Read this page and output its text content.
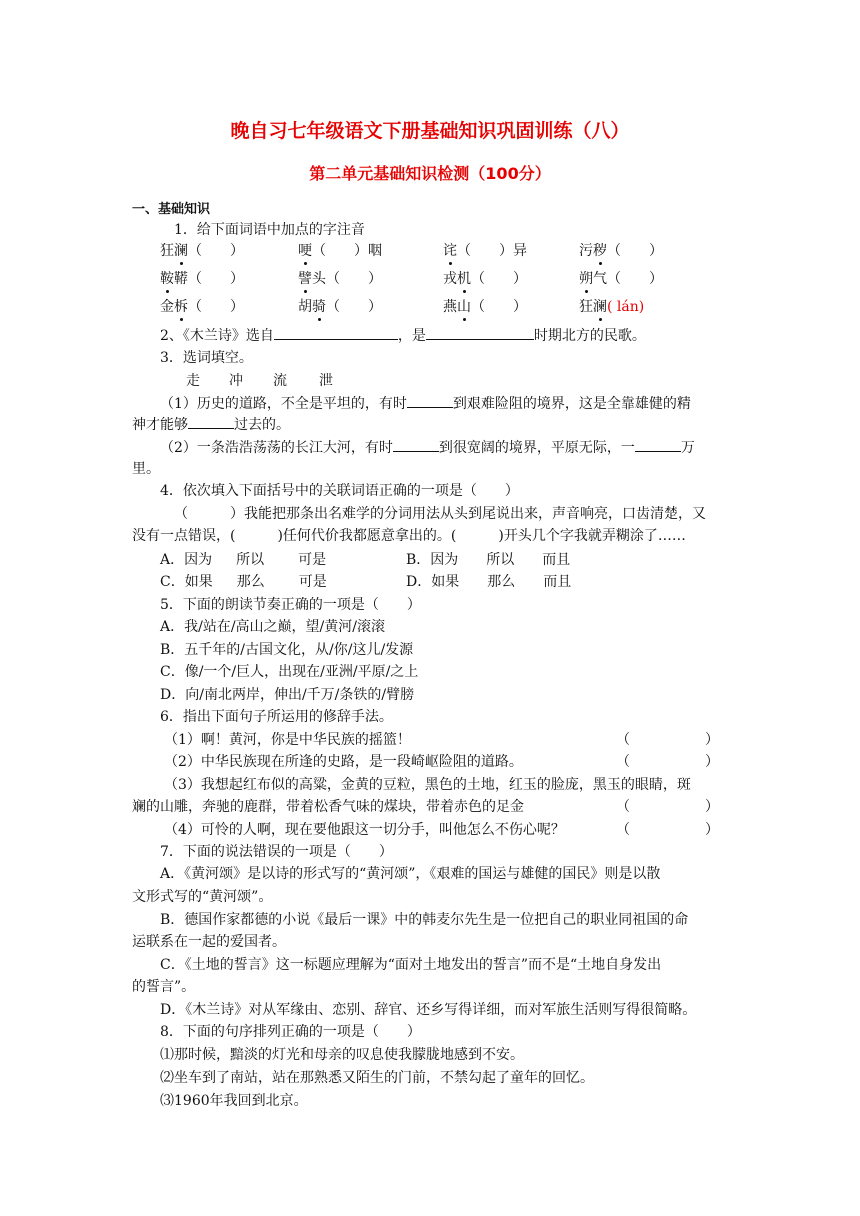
晚自习七年级语文下册基础知识巩固训练（八）
第二单元基础知识检测（100分）
一、基础知识
1．给下面词语中加点的字注音
狂澜（　　）	哽（　　）咽	诧（　　）异	污秽（　　）
鞍鞯（　　）	譬头（　　）	戎机（　　）	朔气（　　）
金柝（　　）	胡骑（　　）	燕山（　　）	狂澜( lán)
2、《木兰诗》选自	，是	时期北方的民歌。
3．选词填空。
走 冲 流 泄
（1）历史的道路，不全是平坦的，有时	到艰难险阻的境界，这是全靠雄健的精
神才能够	过去的。
（2）一条浩浩荡荡的长江大河，有时	到很宽阔的境界，平原无际，一	万
里。
4．依次填入下面括号中的关联词语正确的一项是（　　）
（　　　）我能把那条出名难学的分词用法从头到尾说出来，声音响亮，口齿清楚，又
没有一点错误，(　　　)任何代价我都愿意拿出的。(　　　)开头几个字我就弄糊涂了……
A．因为 所以 可是	B．因为 所以 而且
C．如果 那么 可是	D．如果 那么 而且
5．下面的朗读节奏正确的一项是（　　）
A．我/站在/高山之巅，望/黄河/滚滚
B．五千年的/古国文化，从/你/这儿/发源
C．像/一个/巨人，出现在/亚洲/平原/之上
D．向/南北两岸，伸出/千万/条铁的/臂膀
6．指出下面句子所运用的修辞手法。
（1）啊！黄河，你是中华民族的摇篮！	（	）
（2）中华民族现在所逢的史路，是一段崎岖险阻的道路。	（	）
（3）我想起红布似的高粱，金黄的豆粒，黑色的土地，红玉的脸庞，黑玉的眼睛，斑
斓的山雕，奔驰的鹿群，带着松香气味的煤块，带着赤色的足金	（	）
（4）可怜的人啊，现在要他跟这一切分手，叫他怎么不伤心呢？	（	）
7．下面的说法错误的一项是（　　）
A．《黄河颂》是以诗的形式写的“黄河颂”，《艰难的国运与雄健的国民》则是以散
文形式写的“黄河颂”。
B．德国作家都德的小说《最后一课》中的韩麦尔先生是一位把自己的职业同祖国的命
运联系在一起的爱国者。
C．《土地的誓言》这一标题应理解为“面对土地发出的誓言”而不是“土地自身发出
的誓言”。
D．《木兰诗》对从军缘由、恋别、辞官、还乡写得详细，而对军旅生活则写得很简略。
8．下面的句序排列正确的一项是（　　）
⑴那时候，黯淡的灯光和母亲的叹息使我朦胧地感到不安。
⑵坐车到了南站，站在那熟悉又陌生的门前，不禁勾起了童年的回忆。
⑶1960年我回到北京。
